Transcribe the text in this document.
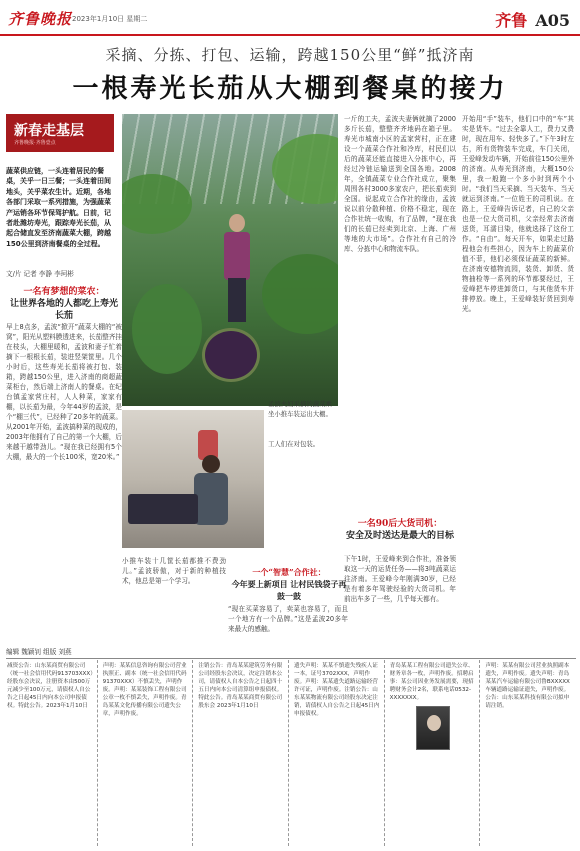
齐鲁晚报 2023年1月10日 星期二	齐鲁 A05
采摘、分拣、打包、运输，跨越150公里“鲜”抵济南
一根寿光长茄从大棚到餐桌的接力
新春走基层
齐鲁晚报·齐鲁壹点
蔬菜供应链，一头连着居民的餐桌，关乎一日三餐；一头连着田间地头，关乎菜农生计。近期，各地各部门采取一系列措施，为强蔬菜产运销各环节保驾护航。日前，记者赴潍坊寿光，跟踪寿光长茄，从起合储直发至济南蔬菜大棚，跨越150公里到济南餐桌的全过程。
文/片 记者 李静 李珂彬
一名有梦想的菜农：
让世界各地的人都吃上寿光长茄
早上8点多，孟波“掀开”蔬菜大棚的“被窝”，阳光从塑料膜透进来，长茄整齐挂在枝头，大棚里暖和，孟波和妻子忙着摘下一根根长茄，装进竖架筐里。几个小时后，这些寿光长茄将被打包、装箱，跨越150公里，进入济南的商超蔬菜柜台，然后端上济南人的餐桌。在纪台镇孟家营庄村，人人种菜，家家有棚，以长茄为最，今年44岁的孟波，是个“棚三代”，已经种了20多年的蔬菜。从2001年开始，孟波搞种菜的现成的，2003年他拥有了自己的第一个大棚，后来越干越带劲儿。“现在我已经拥有5个大棚，最大的一个长100米，宽20米。”
孟波夫妇采摘的蔬菜乘坐小推车装运出大棚。
工人们在对包装。
小推车装十几筐长茄都推不费劲儿。”孟波骄傲，对于新的种植技术，他总是第一个学习。
一个“智慧”合作社：
今年要上新项目 让村民钱袋子再鼓一鼓
“现在买菜容易了，卖菜也容易了，而且一个地方有一个品牌。”这是孟波20多年来最大的感触。
一斤的工夫，孟波夫妻俩就摘了2000多斤长茄，整整齐齐地码在箱子里。寿光市城南小区的孟家营村，正在建设一个蔬菜合作社和冷库，村民们以后的蔬菜还能直接进入分拣中心，再经过冷链运输送到全国各地。2008年，全镇蔬菜专业合作社成立，聚集周围各村3000多家农户，把长茄卖到全国。说起成立合作社的缘由，孟波说以前分散种植、价格不稳定，现在合作社统一收购，有了品牌，“现在我们的长茄已经卖到北京、上海、广州等地的大市场”。合作社有自己的冷库、分拣中心和物流车队。
一名90后大货司机：
安全及时送达是最大的目标
下午1时，王爱峰来到合作社，准备领取这一天的运货任务——将3吨蔬菜运往济南。王爱峰今年刚满30岁，已经是有着多年驾驶经验的大货司机。年前出车多了一些，几乎每天都有。
开始用“手”装车，他们口中的“车”其实是货车。“过去全靠人工，费力又费时，现在用车、轻快多了。”下午3时左右，所有货物装车完成，车门关闭，王爱峰发动车辆，开始前往150公里外的济南。从寿光到济南，大概150公里，我一般跑一个多小时到两个小时。“我们当天采摘、当天装车、当天就运到济南。”一位姓王的司机说。在路上，王爱峰告诉记者，自己的父亲也是一位大货司机，父亲经常去济南送货，耳濡目染，他就选择了这份工作。“自由”。每天开车，如果走过路程他会有些担心，因为车上的蔬菜价值不菲，他们必须保证蔬菜的新鲜。在济南安德物流园，装货、卸货、货物抽检等一系列的环节都要经过，王爱峰把车停进卸货口，与其他货车并排停放。晚上，王爱峰装好货回到寿光。
编辑 魏颖钊 组版 刘燕
减资公告：山东某商贸有限公司（统一社会信用代码913703XXX）经股东会决议，注册资本由500万元减少至100万元，请债权人自公告之日起45日内向本公司申报债权。特此公告。2023年1月10日
声明：某某信息咨询有限公司营业执照正、副本（统一社会信用代码91370XXX）不慎丢失，声明作废。声明：某某装饰工程有限公司公章一枚不慎丢失，声明作废。青岛某某文化传播有限公司遗失公章，声明作废。
注销公告：青岛某某建筑劳务有限公司经股东会决议，决定注销本公司，请债权人自本公告之日起四十五日内向本公司清算组申报债权。特此公告。青岛某某商贸有限公司股东会 2023年1月10日
遗失声明：某某不慎遗失残疾人证一本，证号3702XXX，声明作废。声明：某某遗失道路运输经营许可证，声明作废。注销公告：山东某某物流有限公司经股东决定注销，请债权人自公告之日起45日内申报债权。
青岛某某工程有限公司遗失公章、财务章各一枚，声明作废。招聘启事：某公司因业务发展需要，现招聘财务会计2名，联系电话0532-XXXXXXX。
声明：某某有限公司营业执照副本遗失，声明作废。遗失声明：青岛某某汽车运输有限公司鲁BXXXXX车辆道路运输证遗失，声明作废。公告：山东某某科技有限公司拟申请注销。
